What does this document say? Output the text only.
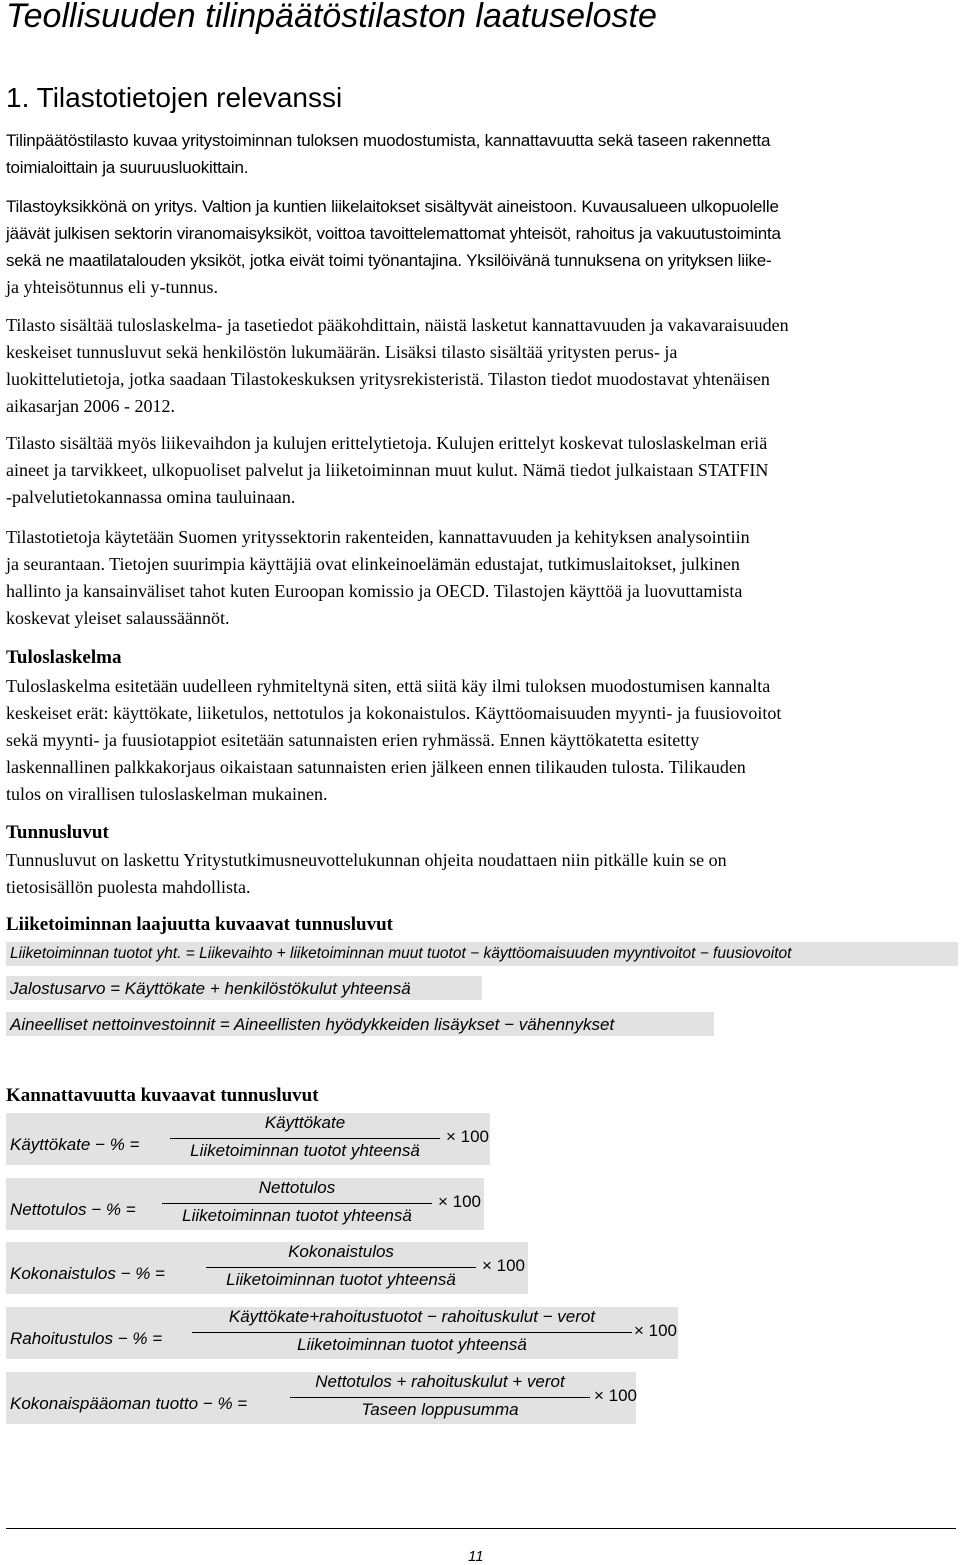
Teollisuuden tilinpäätöstilaston laatuseloste
1. Tilastotietojen relevanssi
Tilinpäätöstilasto kuvaa yritystoiminnan tuloksen muodostumista, kannattavuutta sekä taseen rakennetta
toimialoittain ja suuruusluokittain.
Tilastoyksikkönä on yritys. Valtion ja kuntien liikelaitokset sisältyvät aineistoon. Kuvausalueen ulkopuolelle
jäävät julkisen sektorin viranomaisyksiköt, voittoa tavoittelemattomat yhteisöt, rahoitus ja vakuutustoiminta
sekä ne maatilatalouden yksiköt, jotka eivät toimi työnantajina. Yksilöivänä tunnuksena on yrityksen liike-
ja yhteisötunnus eli y-tunnus.
Tilasto sisältää tuloslaskelma- ja tasetiedot pääkohdittain, näistä lasketut kannattavuuden ja vakavaraisuuden
keskeiset tunnusluvut sekä henkilöstön lukumäärän. Lisäksi tilasto sisältää yritysten perus- ja
luokittelutietoja, jotka saadaan Tilastokeskuksen yritysrekisteristä. Tilaston tiedot muodostavat yhtenäisen
aikasarjan 2006 - 2012.
Tilasto sisältää myös liikevaihdon ja kulujen erittelytietoja. Kulujen erittelyt koskevat tuloslaskelman eriä
aineet ja tarvikkeet, ulkopuoliset palvelut ja liiketoiminnan muut kulut. Nämä tiedot julkaistaan STATFIN
-palvelutietokannassa omina tauluinaan.
Tilastotietoja käytetään Suomen yrityssektorin rakenteiden, kannattavuuden ja kehityksen analysointiin
ja seurantaan. Tietojen suurimpia käyttäjiä ovat elinkeinoelämän edustajat, tutkimuslaitokset, julkinen
hallinto ja kansainväliset tahot kuten Euroopan komissio ja OECD. Tilastojen käyttöä ja luovuttamista
koskevat yleiset salaussäännöt.
Tuloslaskelma
Tuloslaskelma esitetään uudelleen ryhmiteltynä siten, että siitä käy ilmi tuloksen muodostumisen kannalta
keskeiset erät: käyttökate, liiketulos, nettotulos ja kokonaistulos. Käyttöomaisuuden myynti- ja fuusiovoitot
sekä myynti- ja fuusiotappiot esitetään satunnaisten erien ryhmässä. Ennen käyttökatetta esitetty
laskennallinen palkkakorjaus oikaistaan satunnaisten erien jälkeen ennen tilikauden tulosta. Tilikauden
tulos on virallisen tuloslaskelman mukainen.
Tunnusluvut
Tunnusluvut on laskettu Yritystutkimusneuvottelukunnan ohjeita noudattaen niin pitkälle kuin se on
tietosisällön puolesta mahdollista.
Liiketoiminnan laajuutta kuvaavat tunnusluvut
Liiketoiminnan tuotot yht. = Liikevaihto + liiketoiminnan muut tuotot − käyttöomaisuuden myyntivoitot − fuusiovoitot
Jalostusarvo = Käyttökate + henkilöstökulut yhteensä
Aineelliset nettoinvestoinnit = Aineellisten hyödykkeiden lisäykset − vähennykset
Kannattavuutta kuvaavat tunnusluvut
Käyttökate − % =
Käyttökate
Liiketoiminnan tuotot yhteensä
× 100
Nettotulos − % =
Nettotulos
Liiketoiminnan tuotot yhteensä
× 100
Kokonaistulos − % =
Kokonaistulos
Liiketoiminnan tuotot yhteensä
× 100
Rahoitustulos − % =
Käyttökate+rahoitustuotot − rahoituskulut − verot
Liiketoiminnan tuotot yhteensä
× 100
Kokonaispääoman tuotto − % =
Nettotulos + rahoituskulut + verot
Taseen loppusumma
× 100
11
